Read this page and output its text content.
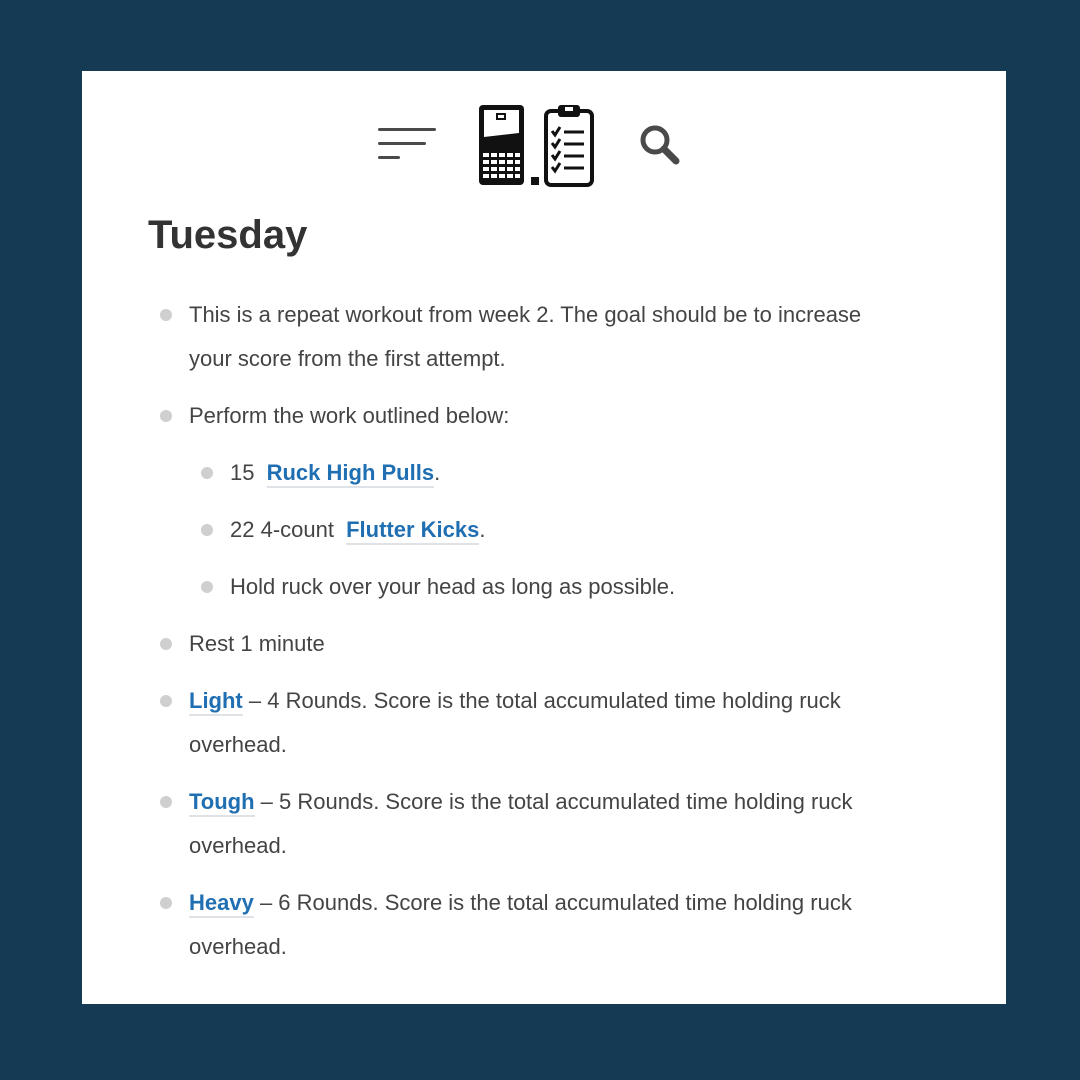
Tuesday
This is a repeat workout from week 2. The goal should be to increase your score from the first attempt.
Perform the work outlined below:
15 Ruck High Pulls.
22 4-count Flutter Kicks.
Hold ruck over your head as long as possible.
Rest 1 minute
Light – 4 Rounds. Score is the total accumulated time holding ruck overhead.
Tough – 5 Rounds. Score is the total accumulated time holding ruck overhead.
Heavy – 6 Rounds. Score is the total accumulated time holding ruck overhead.
